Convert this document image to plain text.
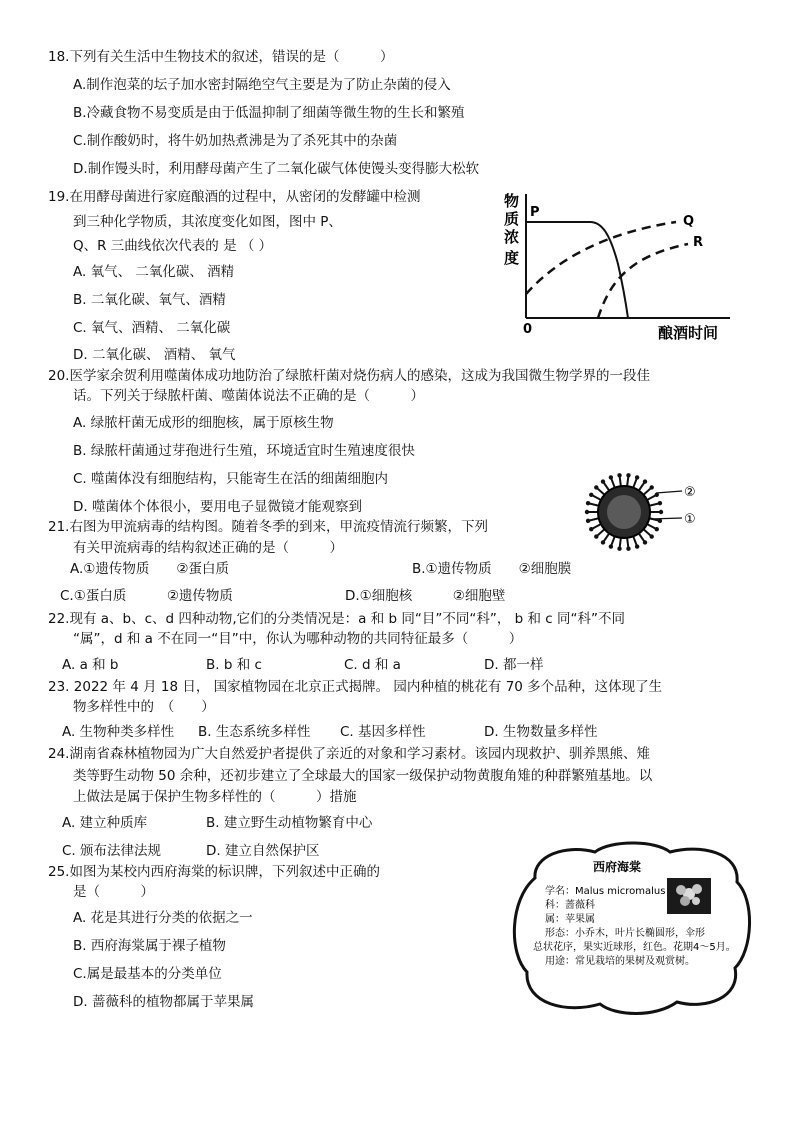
18.下列有关生活中生物技术的叙述，错误的是（　　　）
A.制作泡菜的坛子加水密封隔绝空气主要是为了防止杂菌的侵入
B.冷藏食物不易变质是由于低温抑制了细菌等微生物的生长和繁殖
C.制作酸奶时，将牛奶加热煮沸是为了杀死其中的杂菌
D.制作馒头时，利用酵母菌产生了二氧化碳气体使馒头变得膨大松软
19.在用酵母菌进行家庭酿酒的过程中，从密闭的发酵罐中检测
到三种化学物质，其浓度变化如图，图中 P、
Q、R 三曲线依次代表的 是 （ ）
A. 氧气、 二氧化碳、 酒精
B. 二氧化碳、氧气、酒精
C. 氧气、酒精、 二氧化碳
D. 二氧化碳、 酒精、 氧气
物
质
浓
度
0	酿酒时间
P
Q
R
20.医学家余贺利用噬菌体成功地防治了绿脓杆菌对烧伤病人的感染，这成为我国微生物学界的一段佳
话。下列关于绿脓杆菌、噬菌体说法不正确的是（　　　）
A. 绿脓杆菌无成形的细胞核，属于原核生物
B. 绿脓杆菌通过芽孢进行生殖，环境适宜时生殖速度很快
C. 噬菌体没有细胞结构，只能寄生在活的细菌细胞内
D. 噬菌体个体很小，要用电子显微镜才能观察到
②
①
21.右图为甲流病毒的结构图。随着冬季的到来，甲流疫情流行频繁，下列
有关甲流病毒的结构叙述正确的是（　　　）
A.①遗传物质　　②蛋白质	B.①遗传物质　　②细胞膜
C.①蛋白质　　　②遗传物质	D.①细胞核　　　②细胞壁
22.现有 a、b、c、d 四种动物,它们的分类情况是：a 和 b 同“目”不同“科”， b 和 c 同“科”不同
“属”，d 和 a 不在同一“目”中，你认为哪种动物的共同特征最多（　　　）
A. a 和 b	B. b 和 c	C. d 和 a	D. 都一样
23. 2022 年 4 月 18 日， 国家植物园在北京正式揭牌。 园内种植的桃花有 70 多个品种，这体现了生
物多样性中的　（　　）
A. 生物种类多样性 B. 生态系统多样性 C. 基因多样性	D. 生物数量多样性
24.湖南省森林植物园为广大自然爱护者提供了亲近的对象和学习素材。该园内现救护、驯养黑熊、雉
类等野生动物 50 余种，还初步建立了全球最大的国家一级保护动物黄腹角雉的种群繁殖基地。以
上做法是属于保护生物多样性的（　　　）措施
A. 建立种质库	B. 建立野生动植物繁育中心
C. 颁布法律法规	D. 建立自然保护区
25.如图为某校内西府海棠的标识牌，下列叙述中正确的
是（　　　）
A. 花是其进行分类的依据之一
B. 西府海棠属于裸子植物
C.属是最基本的分类单位
D. 蔷薇科的植物都属于苹果属
西府海棠
学名：Malus micromalus
科：蔷薇科
属：苹果属
形态：小乔木，叶片长椭圆形，伞形
总状花序，果实近球形，红色。花期4～5月。
用途：常见栽培的果树及观赏树。
